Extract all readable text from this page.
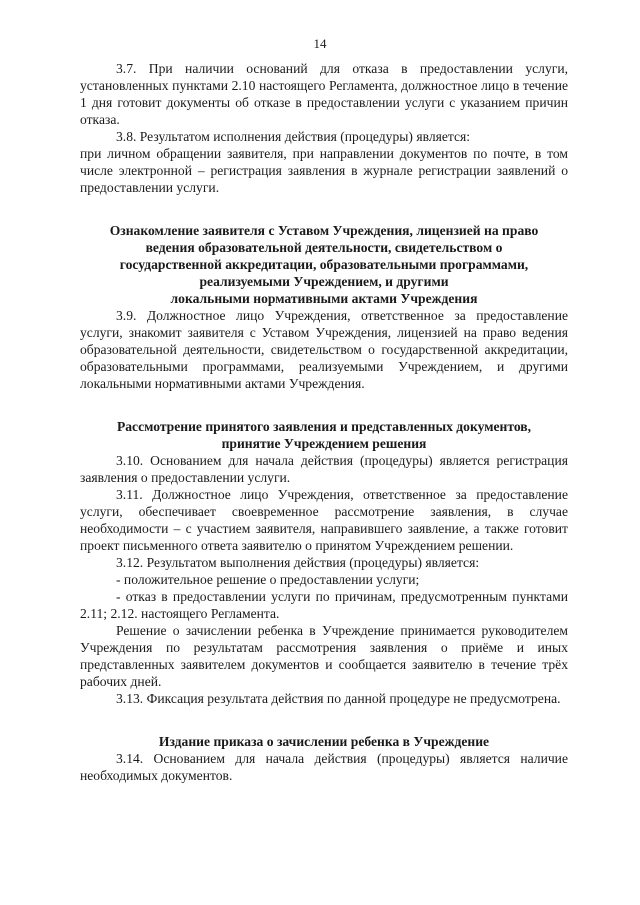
14

3.7. При наличии оснований для отказа в предоставлении услуги, установленных пунктами 2.10 настоящего Регламента, должностное лицо в течение 1 дня готовит документы об отказе в предоставлении услуги с указанием причин отказа.

3.8. Результатом исполнения действия (процедуры) является:

при личном обращении заявителя, при направлении документов по почте, в том числе электронной – регистрация заявления в журнале регистрации заявлений о предоставлении услуги.

Ознакомление заявителя с Уставом Учреждения, лицензией на право

ведения образовательной деятельности, свидетельством о

государственной аккредитации, образовательными программами,

реализуемыми Учреждением, и другими

локальными нормативными актами Учреждения

3.9. Должностное лицо Учреждения, ответственное за предоставление услуги, знакомит заявителя с Уставом Учреждения, лицензией на право ведения образовательной деятельности, свидетельством о государственной аккредитации, образовательными программами, реализуемыми Учреждением, и другими локальными нормативными актами Учреждения.

Рассмотрение принятого заявления и представленных документов,

принятие Учреждением решения

3.10. Основанием для начала действия (процедуры) является регистрация заявления о предоставлении услуги.

3.11. Должностное лицо Учреждения, ответственное за предоставление услуги, обеспечивает своевременное рассмотрение заявления, в случае необходимости – с участием заявителя, направившего заявление, а также готовит проект письменного ответа заявителю о принятом Учреждением решении.

3.12. Результатом выполнения действия (процедуры) является:

- положительное решение о предоставлении услуги;

- отказ в предоставлении услуги по причинам, предусмотренным пунктами 2.11; 2.12. настоящего Регламента.

Решение о зачислении ребенка в Учреждение принимается руководителем Учреждения по результатам рассмотрения заявления о приёме и иных представленных заявителем документов и сообщается заявителю в течение трёх рабочих дней.

3.13. Фиксация результата действия по данной процедуре не предусмотрена.

Издание приказа о зачислении ребенка в Учреждение

3.14. Основанием для начала действия (процедуры) является наличие необходимых документов.
